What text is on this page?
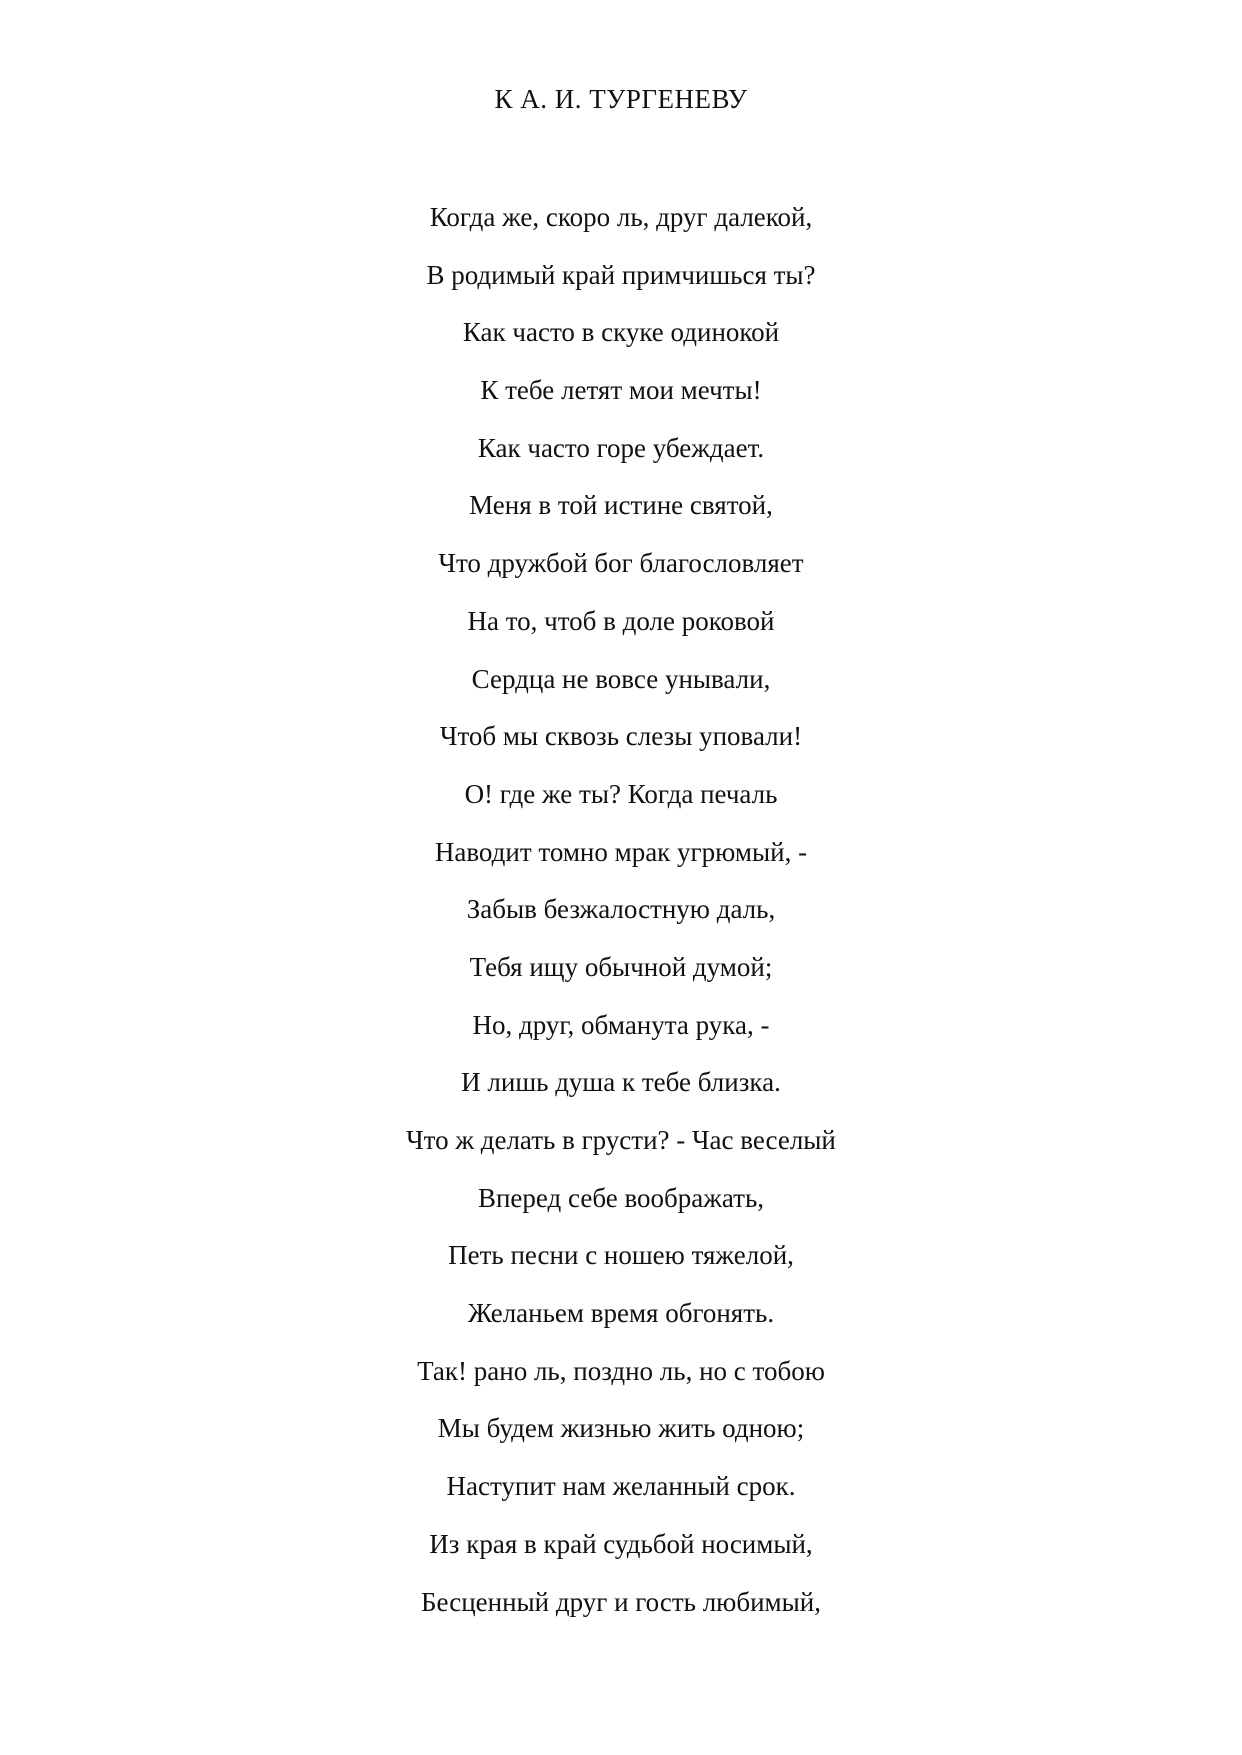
К А. И. ТУРГЕНЕВУ
Когда же, скоро ль, друг далекой,
В родимый край примчишься ты?
Как часто в скуке одинокой
К тебе летят мои мечты!
Как часто горе убеждает.
Меня в той истине святой,
Что дружбой бог благословляет
На то, чтоб в доле роковой
Сердца не вовсе унывали,
Чтоб мы сквозь слезы уповали!
О! где же ты? Когда печаль
Наводит томно мрак угрюмый, -
Забыв безжалостную даль,
Тебя ищу обычной думой;
Но, друг, обманута рука, -
И лишь душа к тебе близка.
Что ж делать в грусти? - Час веселый
Вперед себе воображать,
Петь песни с ношею тяжелой,
Желаньем время обгонять.
Так! рано ль, поздно ль, но с тобою
Мы будем жизнью жить одною;
Наступит нам желанный срок.
Из края в край судьбой носимый,
Бесценный друг и гость любимый,
